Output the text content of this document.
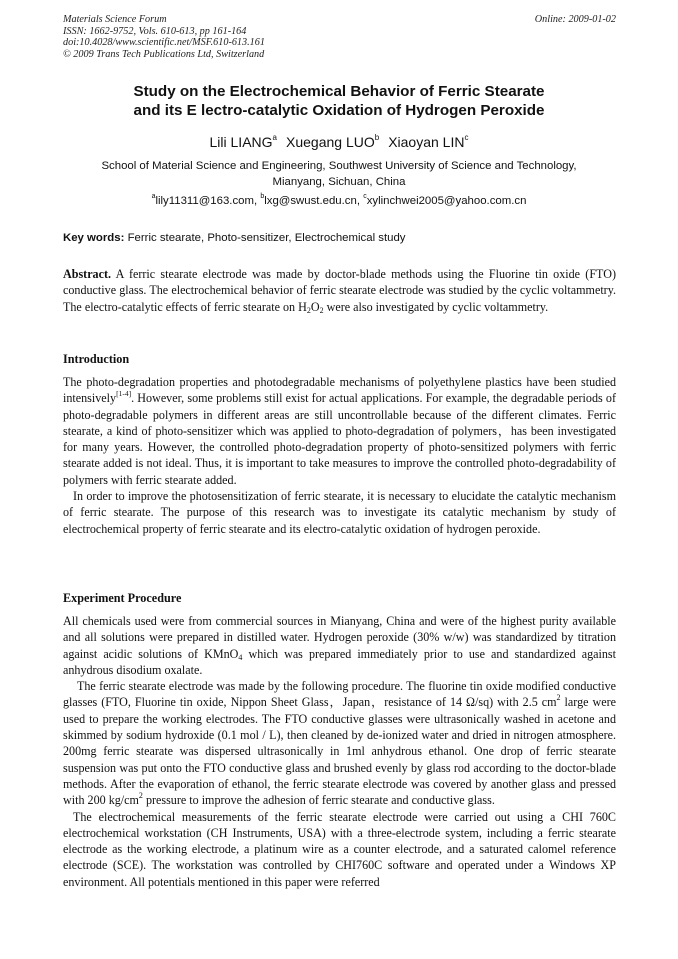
Materials Science Forum
ISSN: 1662-9752, Vols. 610-613, pp 161-164
doi:10.4028/www.scientific.net/MSF.610-613.161
© 2009 Trans Tech Publications Ltd, Switzerland
Online: 2009-01-02
Study on the Electrochemical Behavior of Ferric Stearate
and its E lectro-catalytic Oxidation of Hydrogen Peroxide
Lili LIANG$^a$ Xuegang LUO$^b$ Xiaoyan LIN$^c$
School of Material Science and Engineering, Southwest University of Science and Technology,
Mianyang, Sichuan, China
$^a$lily11311@163.com, $^b$lxg@swust.edu.cn, $^c$xylinchwei2005@yahoo.com.cn
Key words: Ferric stearate, Photo-sensitizer, Electrochemical study

Abstract. A ferric stearate electrode was made by doctor-blade methods using the Fluorine tin oxide (FTO) conductive glass. The electrochemical behavior of ferric stearate electrode was studied by the cyclic voltammetry. The electro-catalytic effects of ferric stearate on $H_2O_2$ were also investigated by cyclic voltammetry.

Introduction

The photo-degradation properties and photodegradable mechanisms of polyethylene plastics have been studied intensively[1-4]. However, some problems still exist for actual applications. For example, the degradable periods of photo-degradable polymers in different areas are still uncontrollable because of the different climates. Ferric stearate, a kind of photo-sensitizer which was applied to photo-degradation of polymers，has been investigated for many years. However, the controlled photo-degradation property of photo-sensitized polymers with ferric stearate added is not ideal. Thus, it is important to take measures to improve the controlled photo-degradability of polymers with ferric stearate added.

In order to improve the photosensitization of ferric stearate, it is necessary to elucidate the catalytic mechanism of ferric stearate. The purpose of this research was to investigate its catalytic mechanism by study of electrochemical property of ferric stearate and its electro-catalytic oxidation of hydrogen peroxide.

Experiment Procedure

All chemicals used were from commercial sources in Mianyang, China and were of the highest purity available and all solutions were prepared in distilled water. Hydrogen peroxide (30% w/w) was standardized by titration against acidic solutions of KMnO$_4$ which was prepared immediately prior to use and standardized against anhydrous disodium oxalate.

The ferric stearate electrode was made by the following procedure. The fluorine tin oxide modified conductive glasses (FTO, Fluorine tin oxide, Nippon Sheet Glass，Japan，resistance of 14 Ω/sq) with 2.5 $cm^2$ large were used to prepare the working electrodes. The FTO conductive glasses were ultrasonically washed in acetone and skimmed by sodium hydroxide (0.1 mol / L), then cleaned by de-ionized water and dried in nitrogen atmosphere. 200mg ferric stearate was dispersed ultrasonically in 1ml anhydrous ethanol. One drop of ferric stearate suspension was put onto the FTO conductive glass and brushed evenly by glass rod according to the doctor-blade methods. After the evaporation of ethanol, the ferric stearate electrode was covered by another glass and pressed with 200 $kg/cm^2$ pressure to improve the adhesion of ferric stearate and conductive glass.

The electrochemical measurements of the ferric stearate electrode were carried out using a CHI 760C electrochemical workstation (CH Instruments, USA) with a three-electrode system, including a ferric stearate electrode as the working electrode, a platinum wire as a counter electrode, and a saturated calomel reference electrode (SCE). The workstation was controlled by CHI760C software and operated under a Windows XP environment. All potentials mentioned in this paper were referred
